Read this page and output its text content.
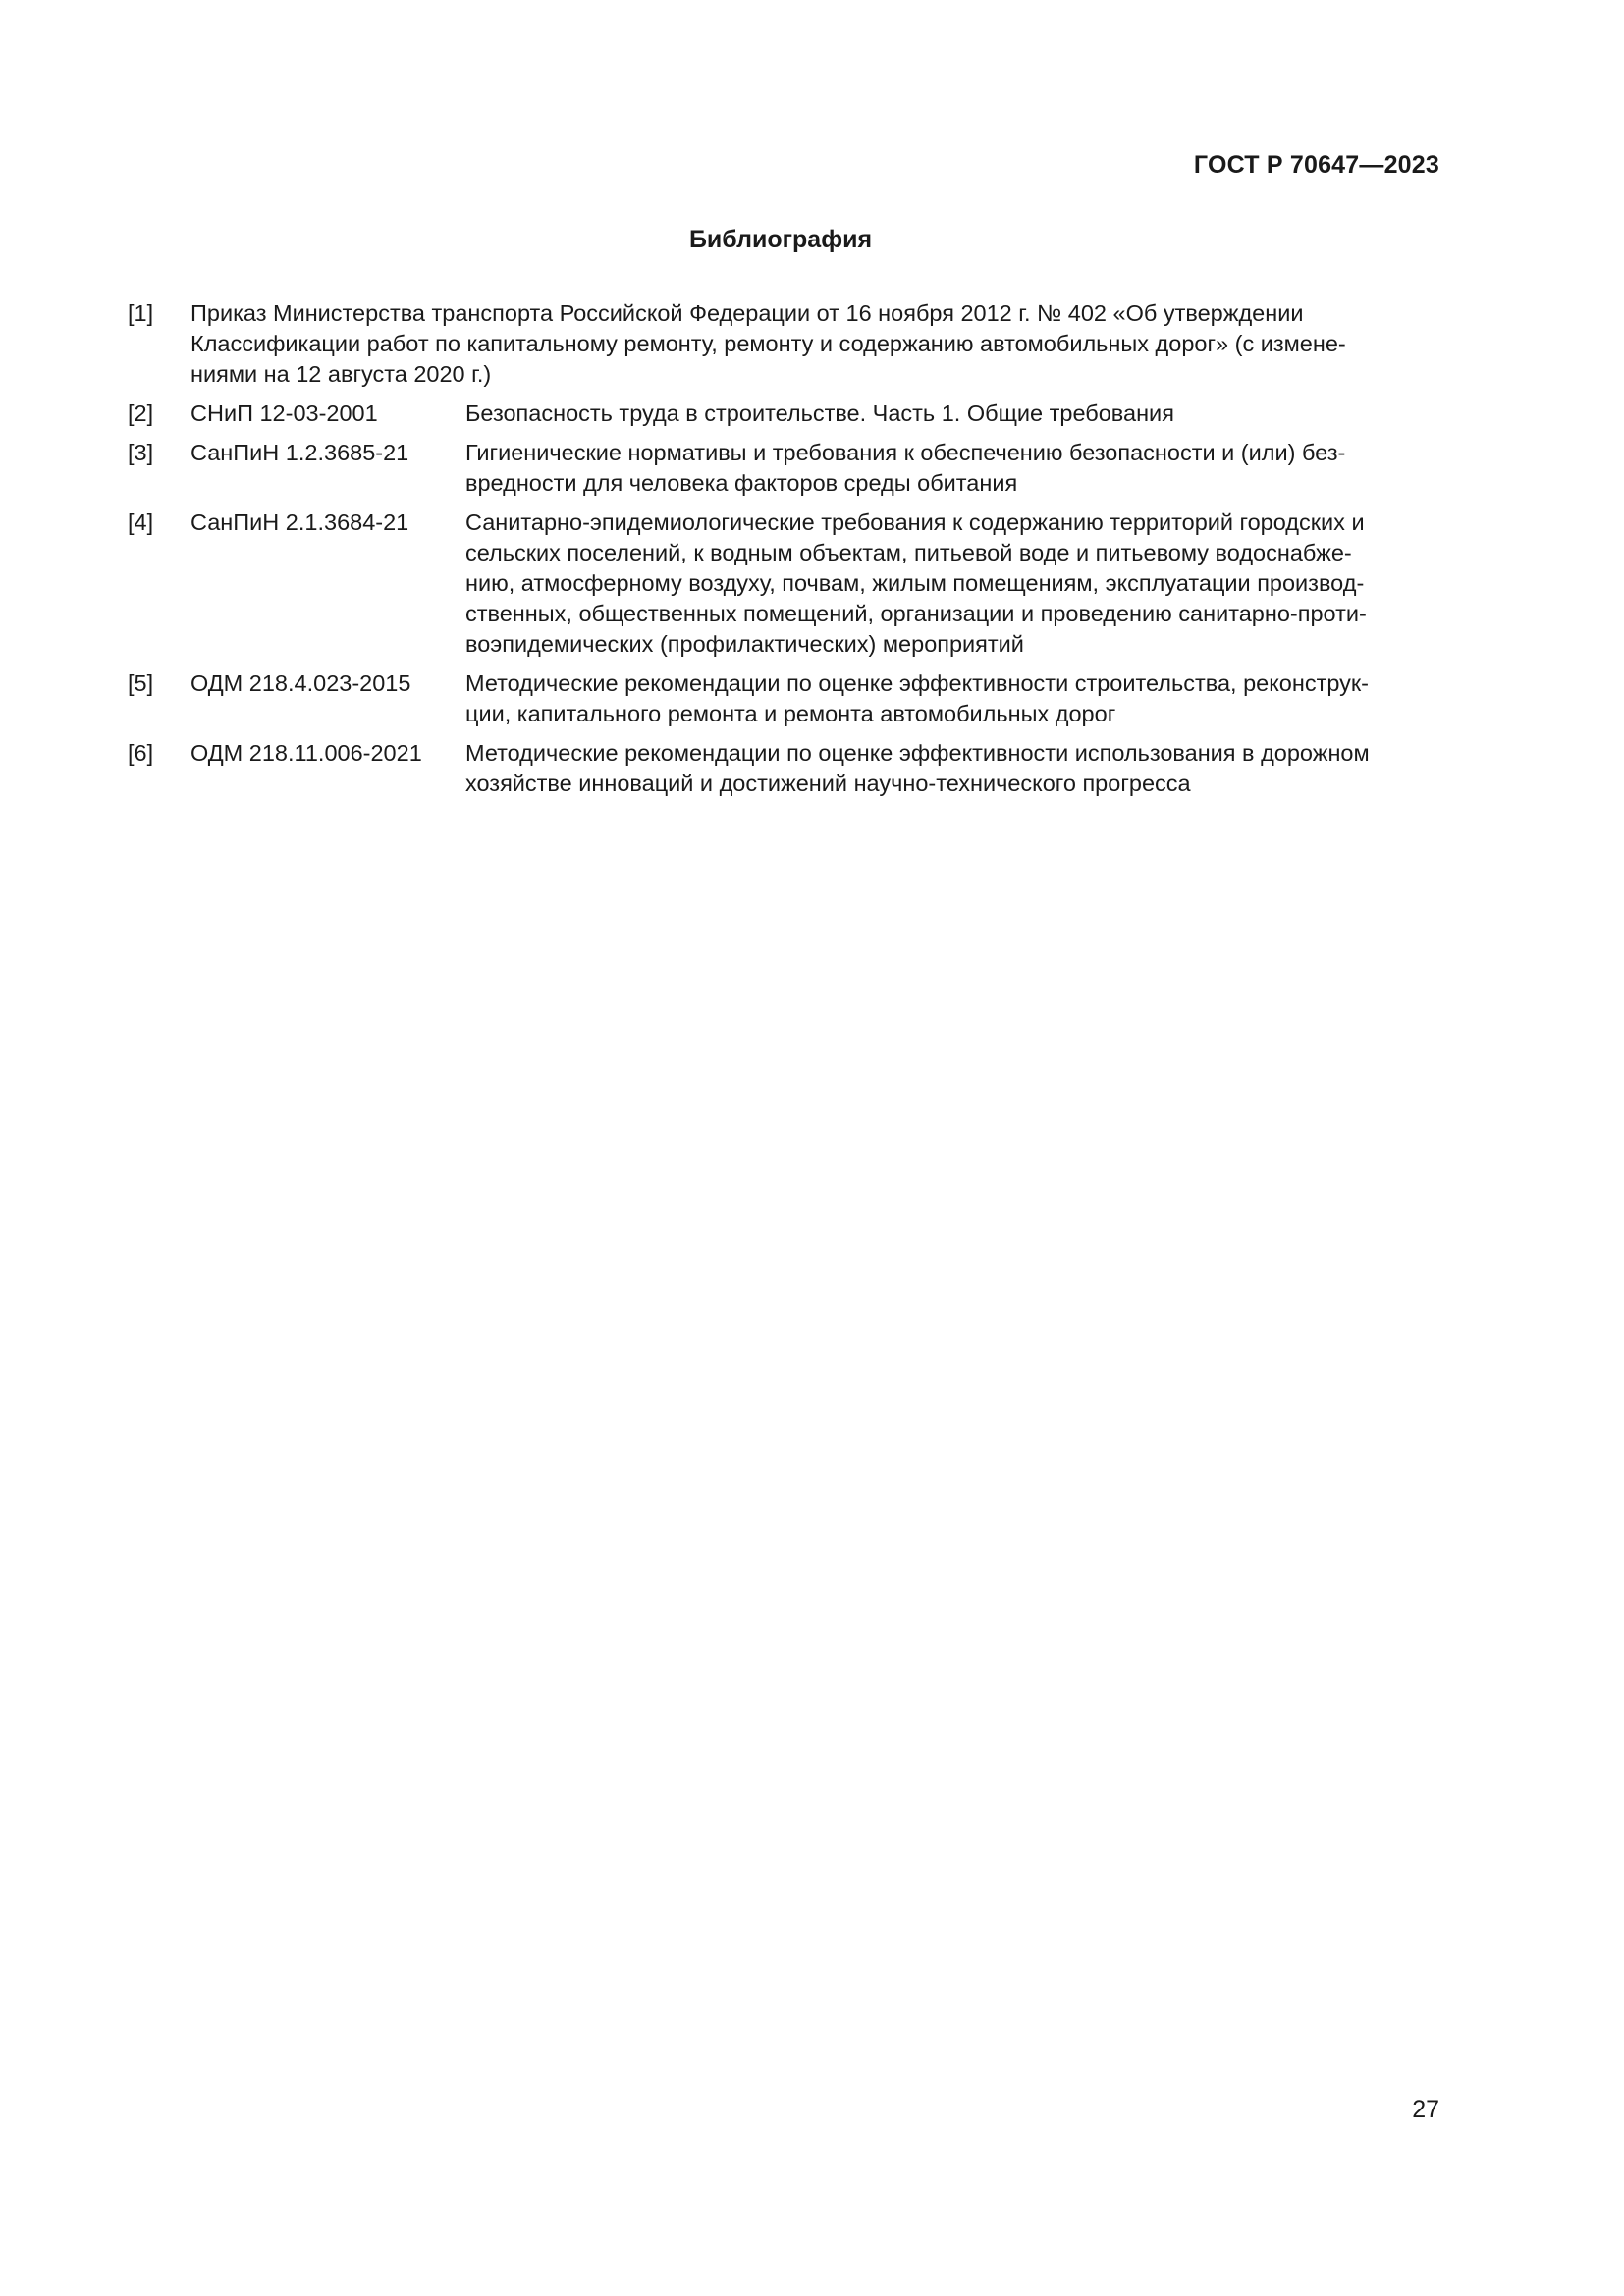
ГОСТ Р 70647—2023
Библиография
[1]	Приказ Министерства транспорта Российской Федерации от 16 ноября 2012 г. № 402 «Об утверждении
Классификации работ по капитальному ремонту, ремонту и содержанию автомобильных дорог» (с измене-
ниями на 12 августа 2020 г.)
[2]	СНиП 12-03-2001	Безопасность труда в строительстве. Часть 1. Общие требования
[3]	СанПиН 1.2.3685-21	Гигиенические нормативы и требования к обеспечению безопасности и (или) без-
вредности для человека факторов среды обитания
[4]	СанПиН 2.1.3684-21	Санитарно-эпидемиологические требования к содержанию территорий городских и
сельских поселений, к водным объектам, питьевой воде и питьевому водоснабже-
нию, атмосферному воздуху, почвам, жилым помещениям, эксплуатации производ-
ственных, общественных помещений, организации и проведению санитарно-проти-
воэпидемических (профилактических) мероприятий
[5]	ОДМ 218.4.023-2015	Методические рекомендации по оценке эффективности строительства, реконструк-
ции, капитального ремонта и ремонта автомобильных дорог
[6]	ОДМ 218.11.006-2021	Методические рекомендации по оценке эффективности использования в дорожном
хозяйстве инноваций и достижений научно-технического прогресса
27
